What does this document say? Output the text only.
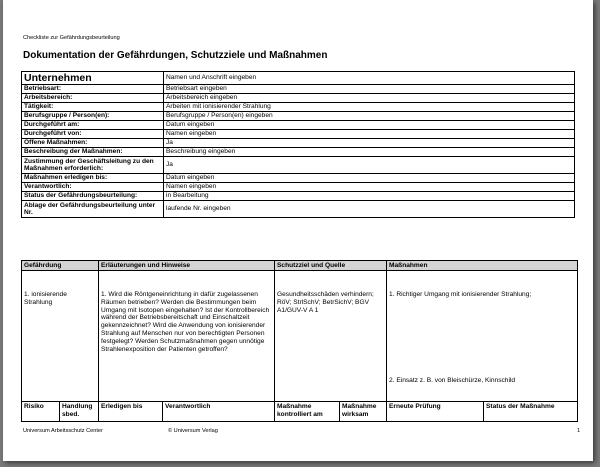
Checkliste zur Gefährdungsbeurteilung
Dokumentation der Gefährdungen, Schutzziele und Maßnahmen
Unternehmen	Namen und Anschrift eingeben
Betriebsart:	Betriebsart eingeben
Arbeitsbereich:	Arbeitsbereich eingeben
Tätigkeit:	Arbeiten mit ionisierender Strahlung
Berufsgruppe / Person(en):	Berufsgruppe / Person(en) eingeben
Durchgeführt am:	Datum eingeben
Durchgeführt von:	Namen eingeben
Offene Maßnahmen:	Ja
Beschreibung der Maßnahmen:	Beschreibung eingeben
Zustimmung der Geschäftsleitung zu den Maßnahmen erforderlich:	Ja
Maßnahmen erledigen bis:	Datum eingeben
Verantwortlich:	Namen eingeben
Status der Gefährdungsbeurteilung:	in Bearbeitung
Ablage der Gefährdungsbeurteilung unter Nr.	laufende Nr. eingeben
Gefährdung		Erläuterungen und Hinweise		Schutzziel und Quelle		Maßnahmen	
1. ionisierende Strahlung		1. Wird die Röntgeneinrichtung in dafür zugelassenen Räumen betrieben? Werden die Bestimmungen beim Umgang mit Isotopen eingehalten? Ist der Kontrollbereich während der Betriebsbereitschaft und Einschaltzeit gekennzeichnet? Wird die Anwendung von ionisierender Strahlung auf Menschen nur von berechtigten Personen festgelegt? Werden Schutzmaßnahmen gegen unnötige Strahlenexposition der Patienten getroffen?		Gesundheitsschäden verhindern; RöV; StrlSchV; BetrSichV; BGV A1/GUV-V A 1		1. Richtiger Umgang mit ionisierender Strahlung;
2. Einsatz z. B. von Bleischürze, Kinnschild	

Risiko	Handlung sbed.	Erledigen bis	Verantwortlich	Maßnahme kontrolliert am	Maßnahme wirksam	Erneute Prüfung	Status der Maßnahme
Universum Arbeitsschutz Center	© Universum Verlag	1
